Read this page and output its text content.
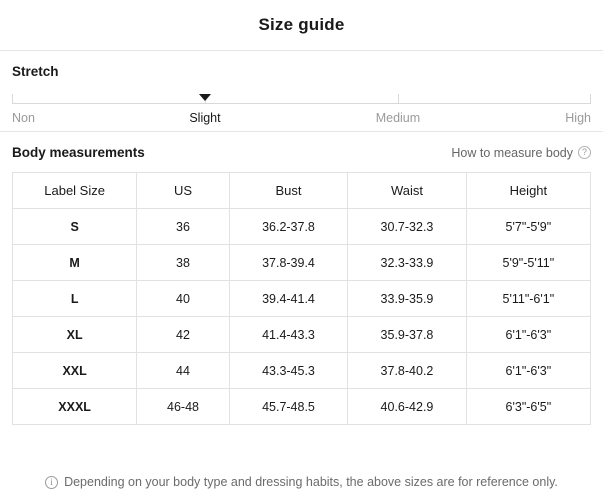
Size guide
Stretch
Non	Slight	Medium	High
Body measurements	How to measure body ?
Label Size	US	Bust	Waist	Height
S	36	36.2-37.8	30.7-32.3	5'7"-5'9"
M	38	37.8-39.4	32.3-33.9	5'9"-5'11"
L	40	39.4-41.4	33.9-35.9	5'11"-6'1"
XL	42	41.4-43.3	35.9-37.8	6'1"-6'3"
XXL	44	43.3-45.3	37.8-40.2	6'1"-6'3"
XXXL	46-48	45.7-48.5	40.6-42.9	6'3"-6'5"
i Depending on your body type and dressing habits, the above sizes are for reference only.
